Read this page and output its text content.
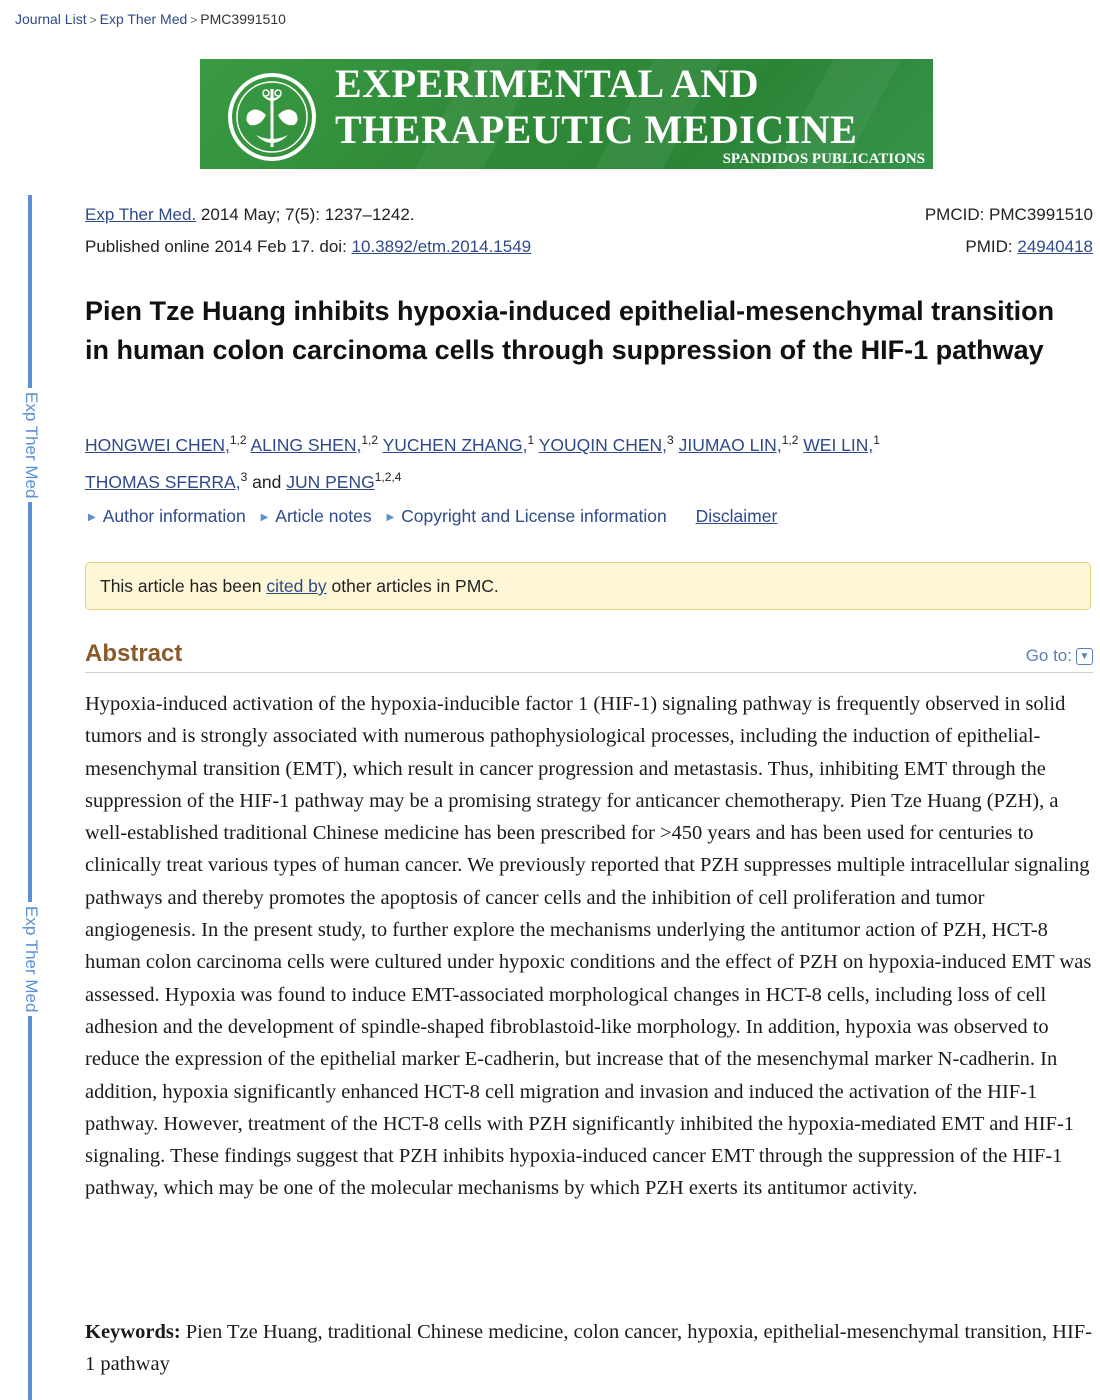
Journal List > Exp Ther Med > PMC3991510
EXPERIMENTAL AND
THERAPEUTIC MEDICINE
SPANDIDOS PUBLICATIONS
Exp Ther Med
Exp Ther Med
Exp Ther Med. 2014 May; 7(5): 1237–1242.
Published online 2014 Feb 17. doi: 10.3892/etm.2014.1549
PMCID: PMC3991510
PMID: 24940418
Pien Tze Huang inhibits hypoxia-induced epithelial-mesenchymal transition in human colon carcinoma cells through suppression of the HIF-1 pathway
HONGWEI CHEN,$^{1,2}$ ALING SHEN,$^{1,2}$ YUCHEN ZHANG,$^1$ YOUQIN CHEN,$^3$ JIUMAO LIN,$^{1,2}$ WEI LIN,$^1$
THOMAS SFERRA,$^3$ and JUN PENG$^{1,2,4}$
▶ Author information ▶ Article notes ▶ Copyright and License information Disclaimer
This article has been cited by other articles in PMC.
Abstract	Go to: ▼

Hypoxia-induced activation of the hypoxia-inducible factor 1 (HIF-1) signaling pathway is frequently observed in solid tumors and is strongly associated with numerous pathophysiological processes, including the induction of epithelial-mesenchymal transition (EMT), which result in cancer progression and metastasis. Thus, inhibiting EMT through the suppression of the HIF-1 pathway may be a promising strategy for anticancer chemotherapy. Pien Tze Huang (PZH), a well-established traditional Chinese medicine has been prescribed for >450 years and has been used for centuries to clinically treat various types of human cancer. We previously reported that PZH suppresses multiple intracellular signaling pathways and thereby promotes the apoptosis of cancer cells and the inhibition of cell proliferation and tumor angiogenesis. In the present study, to further explore the mechanisms underlying the antitumor action of PZH, HCT-8 human colon carcinoma cells were cultured under hypoxic conditions and the effect of PZH on hypoxia-induced EMT was assessed. Hypoxia was found to induce EMT-associated morphological changes in HCT-8 cells, including loss of cell adhesion and the development of spindle-shaped fibroblastoid-like morphology. In addition, hypoxia was observed to reduce the expression of the epithelial marker E-cadherin, but increase that of the mesenchymal marker N-cadherin. In addition, hypoxia significantly enhanced HCT-8 cell migration and invasion and induced the activation of the HIF-1 pathway. However, treatment of the HCT-8 cells with PZH significantly inhibited the hypoxia-mediated EMT and HIF-1 signaling. These findings suggest that PZH inhibits hypoxia-induced cancer EMT through the suppression of the HIF-1 pathway, which may be one of the molecular mechanisms by which PZH exerts its antitumor activity.

Keywords: Pien Tze Huang, traditional Chinese medicine, colon cancer, hypoxia, epithelial-mesenchymal transition, HIF-1 pathway
